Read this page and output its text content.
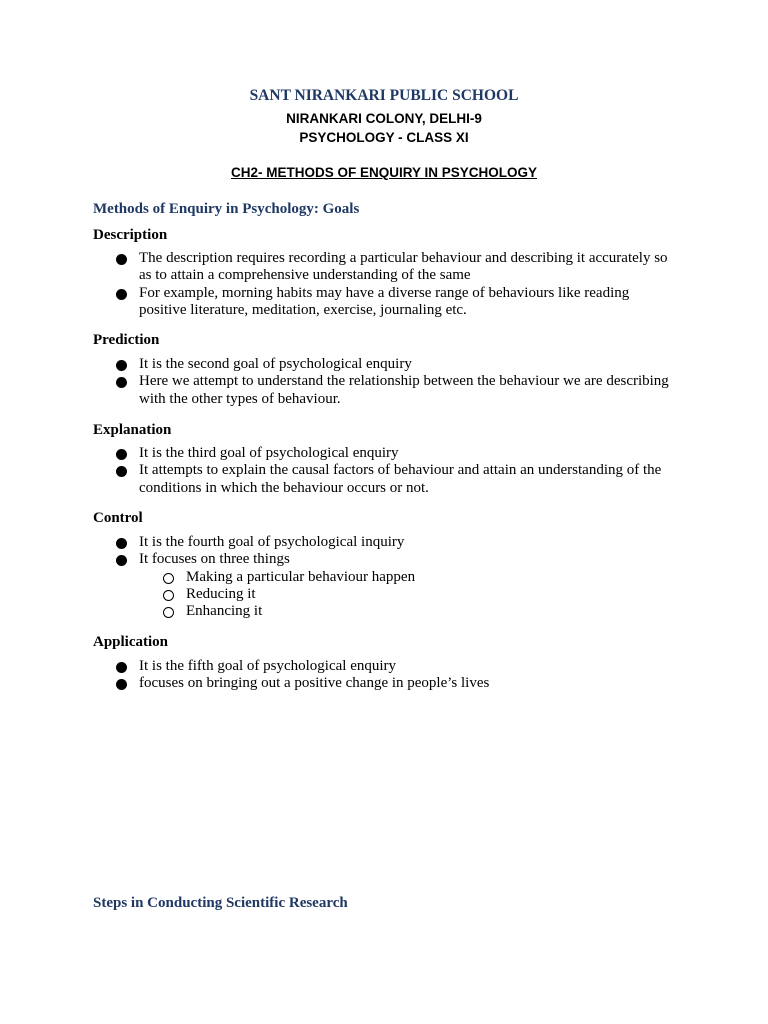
SANT NIRANKARI PUBLIC SCHOOL
NIRANKARI COLONY, DELHI-9
PSYCHOLOGY - CLASS XI
CH2- METHODS OF ENQUIRY IN PSYCHOLOGY
Methods of Enquiry in Psychology: Goals
Description
The description requires recording a particular behaviour and describing it accurately so as to attain a comprehensive understanding of the same
For example, morning habits may have a diverse range of behaviours like reading positive literature, meditation, exercise, journaling etc.
Prediction
It is the second goal of psychological enquiry
Here we attempt to understand the relationship between the behaviour we are describing with the other types of behaviour.
Explanation
It is the third goal of psychological enquiry
It attempts to explain the causal factors of behaviour and attain an understanding of the conditions in which the behaviour occurs or not.
Control
It is the fourth goal of psychological inquiry
It focuses on three things
Making a particular behaviour happen
Reducing it
Enhancing it
Application
It is the fifth goal of psychological enquiry
focuses on bringing out a positive change in people’s lives
Steps in Conducting Scientific Research
